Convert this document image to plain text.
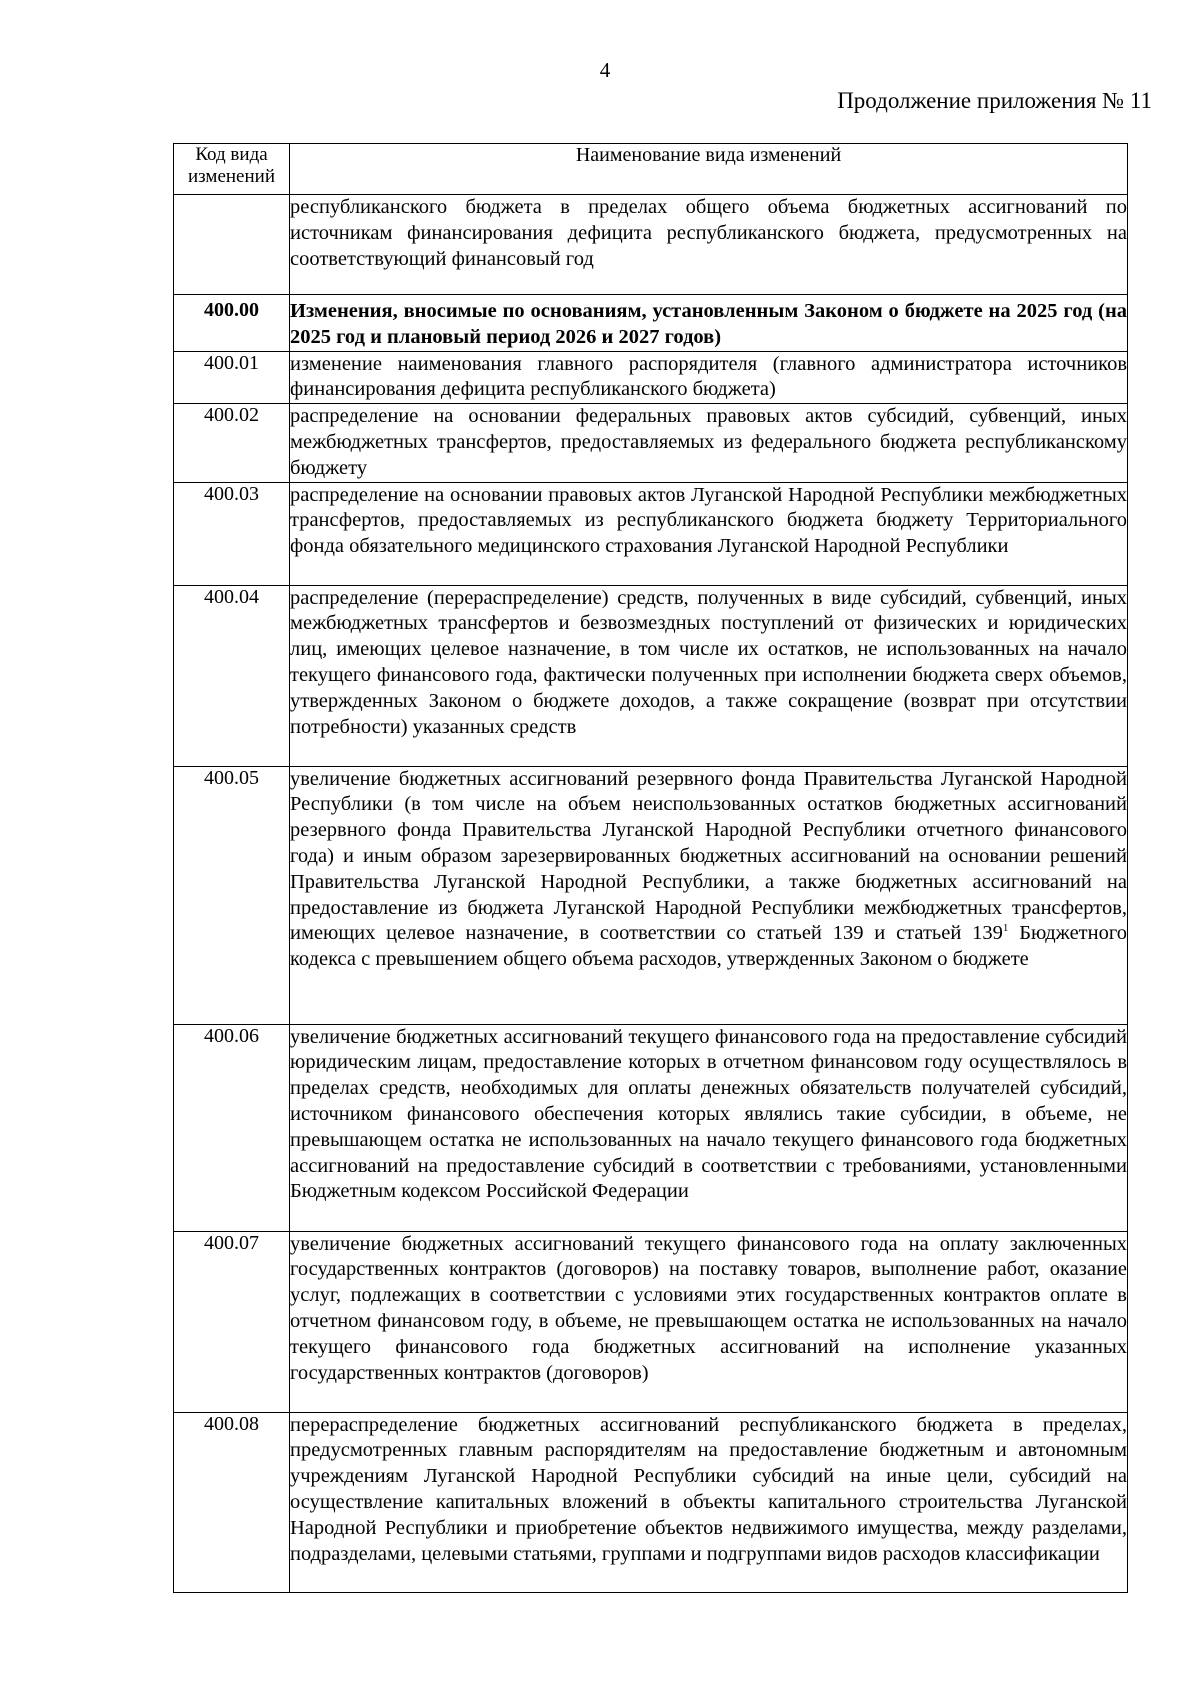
4
Продолжение приложения № 11
Код вида изменений	Наименование вида изменений
	республиканского бюджета в пределах общего объема бюджетных ассигнований по источникам финансирования дефицита республиканского бюджета, предусмотренных на соответствующий финансовый год
400.00	Изменения, вносимые по основаниям, установленным Законом о бюджете на 2025 год (на 2025 год и плановый период 2026 и 2027 годов)
400.01	изменение наименования главного распорядителя (главного администратора источников финансирования дефицита республиканского бюджета)
400.02	распределение на основании федеральных правовых актов субсидий, субвенций, иных межбюджетных трансфертов, предоставляемых из федерального бюджета республиканскому бюджету
400.03	распределение на основании правовых актов Луганской Народной Республики межбюджетных трансфертов, предоставляемых из республиканского бюджета бюджету Территориального фонда обязательного медицинского страхования Луганской Народной Республики
400.04	распределение (перераспределение) средств, полученных в виде субсидий, субвенций, иных межбюджетных трансфертов и безвозмездных поступлений от физических и юридических лиц, имеющих целевое назначение, в том числе их остатков, не использованных на начало текущего финансового года, фактически полученных при исполнении бюджета сверх объемов, утвержденных Законом о бюджете доходов, а также сокращение (возврат при отсутствии потребности) указанных средств
400.05	увеличение бюджетных ассигнований резервного фонда Правительства Луганской Народной Республики (в том числе на объем неиспользованных остатков бюджетных ассигнований резервного фонда Правительства Луганской Народной Республики отчетного финансового года) и иным образом зарезервированных бюджетных ассигнований на основании решений Правительства Луганской Народной Республики, а также бюджетных ассигнований на предоставление из бюджета Луганской Народной Республики межбюджетных трансфертов, имеющих целевое назначение, в соответствии со статьей 139 и статьей $139^1$ Бюджетного кодекса с превышением общего объема расходов, утвержденных Законом о бюджете
400.06	увеличение бюджетных ассигнований текущего финансового года на предоставление субсидий юридическим лицам, предоставление которых в отчетном финансовом году осуществлялось в пределах средств, необходимых для оплаты денежных обязательств получателей субсидий, источником финансового обеспечения которых являлись такие субсидии, в объеме, не превышающем остатка не использованных на начало текущего финансового года бюджетных ассигнований на предоставление субсидий в соответствии с требованиями, установленными Бюджетным кодексом Российской Федерации
400.07	увеличение бюджетных ассигнований текущего финансового года на оплату заключенных государственных контрактов (договоров) на поставку товаров, выполнение работ, оказание услуг, подлежащих в соответствии с условиями этих государственных контрактов оплате в отчетном финансовом году, в объеме, не превышающем остатка не использованных на начало текущего финансового года бюджетных ассигнований на исполнение указанных государственных контрактов (договоров)
400.08	перераспределение бюджетных ассигнований республиканского бюджета в пределах, предусмотренных главным распорядителям на предоставление бюджетным и автономным учреждениям Луганской Народной Республики субсидий на иные цели, субсидий на осуществление капитальных вложений в объекты капитального строительства Луганской Народной Республики и приобретение объектов недвижимого имущества, между разделами, подразделами, целевыми статьями, группами и подгруппами видов расходов классификации
